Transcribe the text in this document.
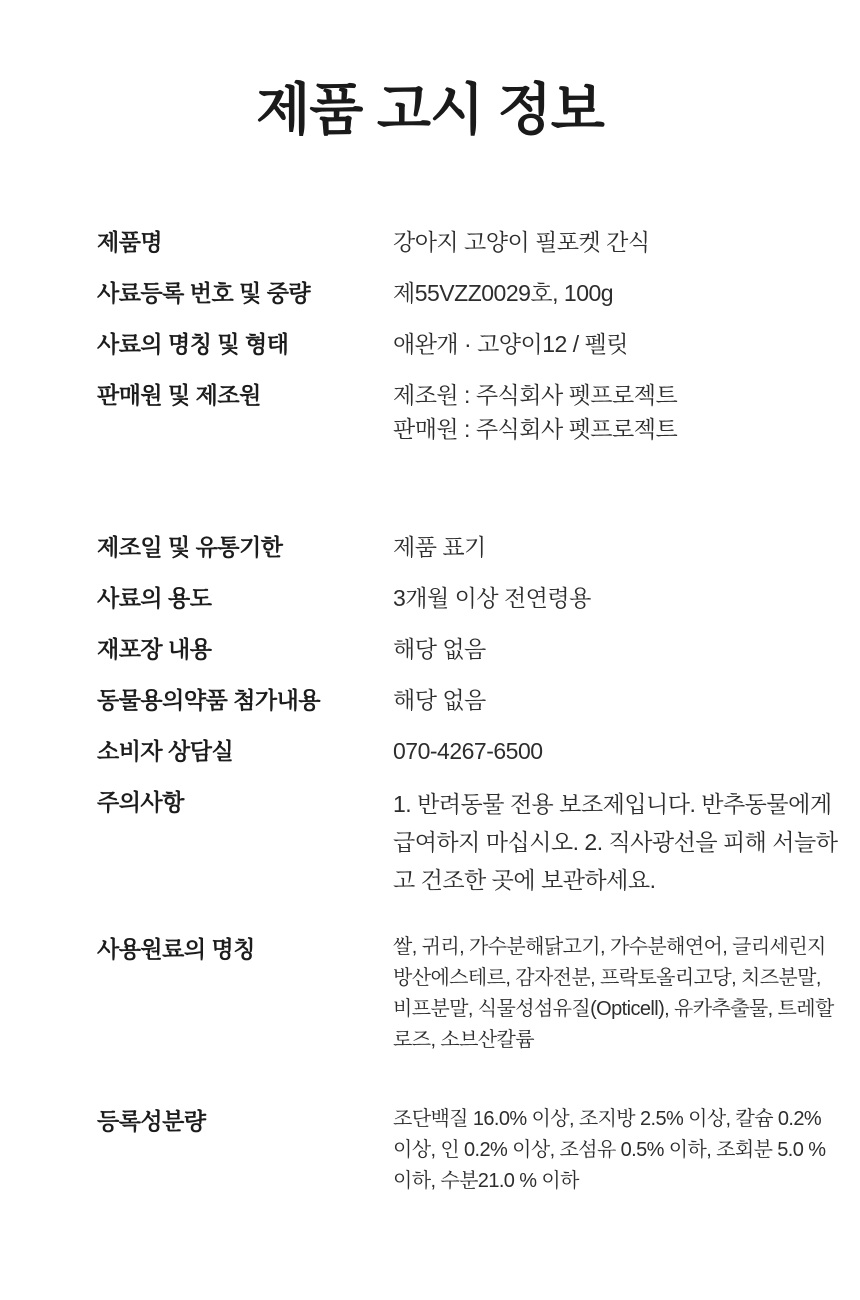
제품 고시 정보
제품명	강아지 고양이 필포켓 간식
사료등록 번호 및 중량	제55VZZ0029호, 100g
사료의 명칭 및 형태	애완개 · 고양이12 / 펠릿
판매원 및 제조원	제조원 : 주식회사 펫프로젝트
판매원 : 주식회사 펫프로젝트
제조일 및 유통기한	제품 표기
사료의 용도	3개월 이상 전연령용
재포장 내용	해당 없음
동물용의약품 첨가내용	해당 없음
소비자 상담실	070-4267-6500
주의사항	1. 반려동물 전용 보조제입니다. 반추동물에게 급여하지 마십시오. 2. 직사광선을 피해 서늘하고 건조한 곳에 보관하세요.
사용원료의 명칭	쌀, 귀리, 가수분해닭고기, 가수분해연어, 글리세린지방산에스테르, 감자전분, 프락토올리고당, 치즈분말, 비프분말, 식물성섬유질(Opticell), 유카추출물, 트레할로즈, 소브산칼륨
등록성분량	조단백질 16.0% 이상, 조지방 2.5% 이상, 칼슘 0.2% 이상, 인 0.2% 이상, 조섬유 0.5% 이하, 조회분 5.0 % 이하, 수분21.0 % 이하
